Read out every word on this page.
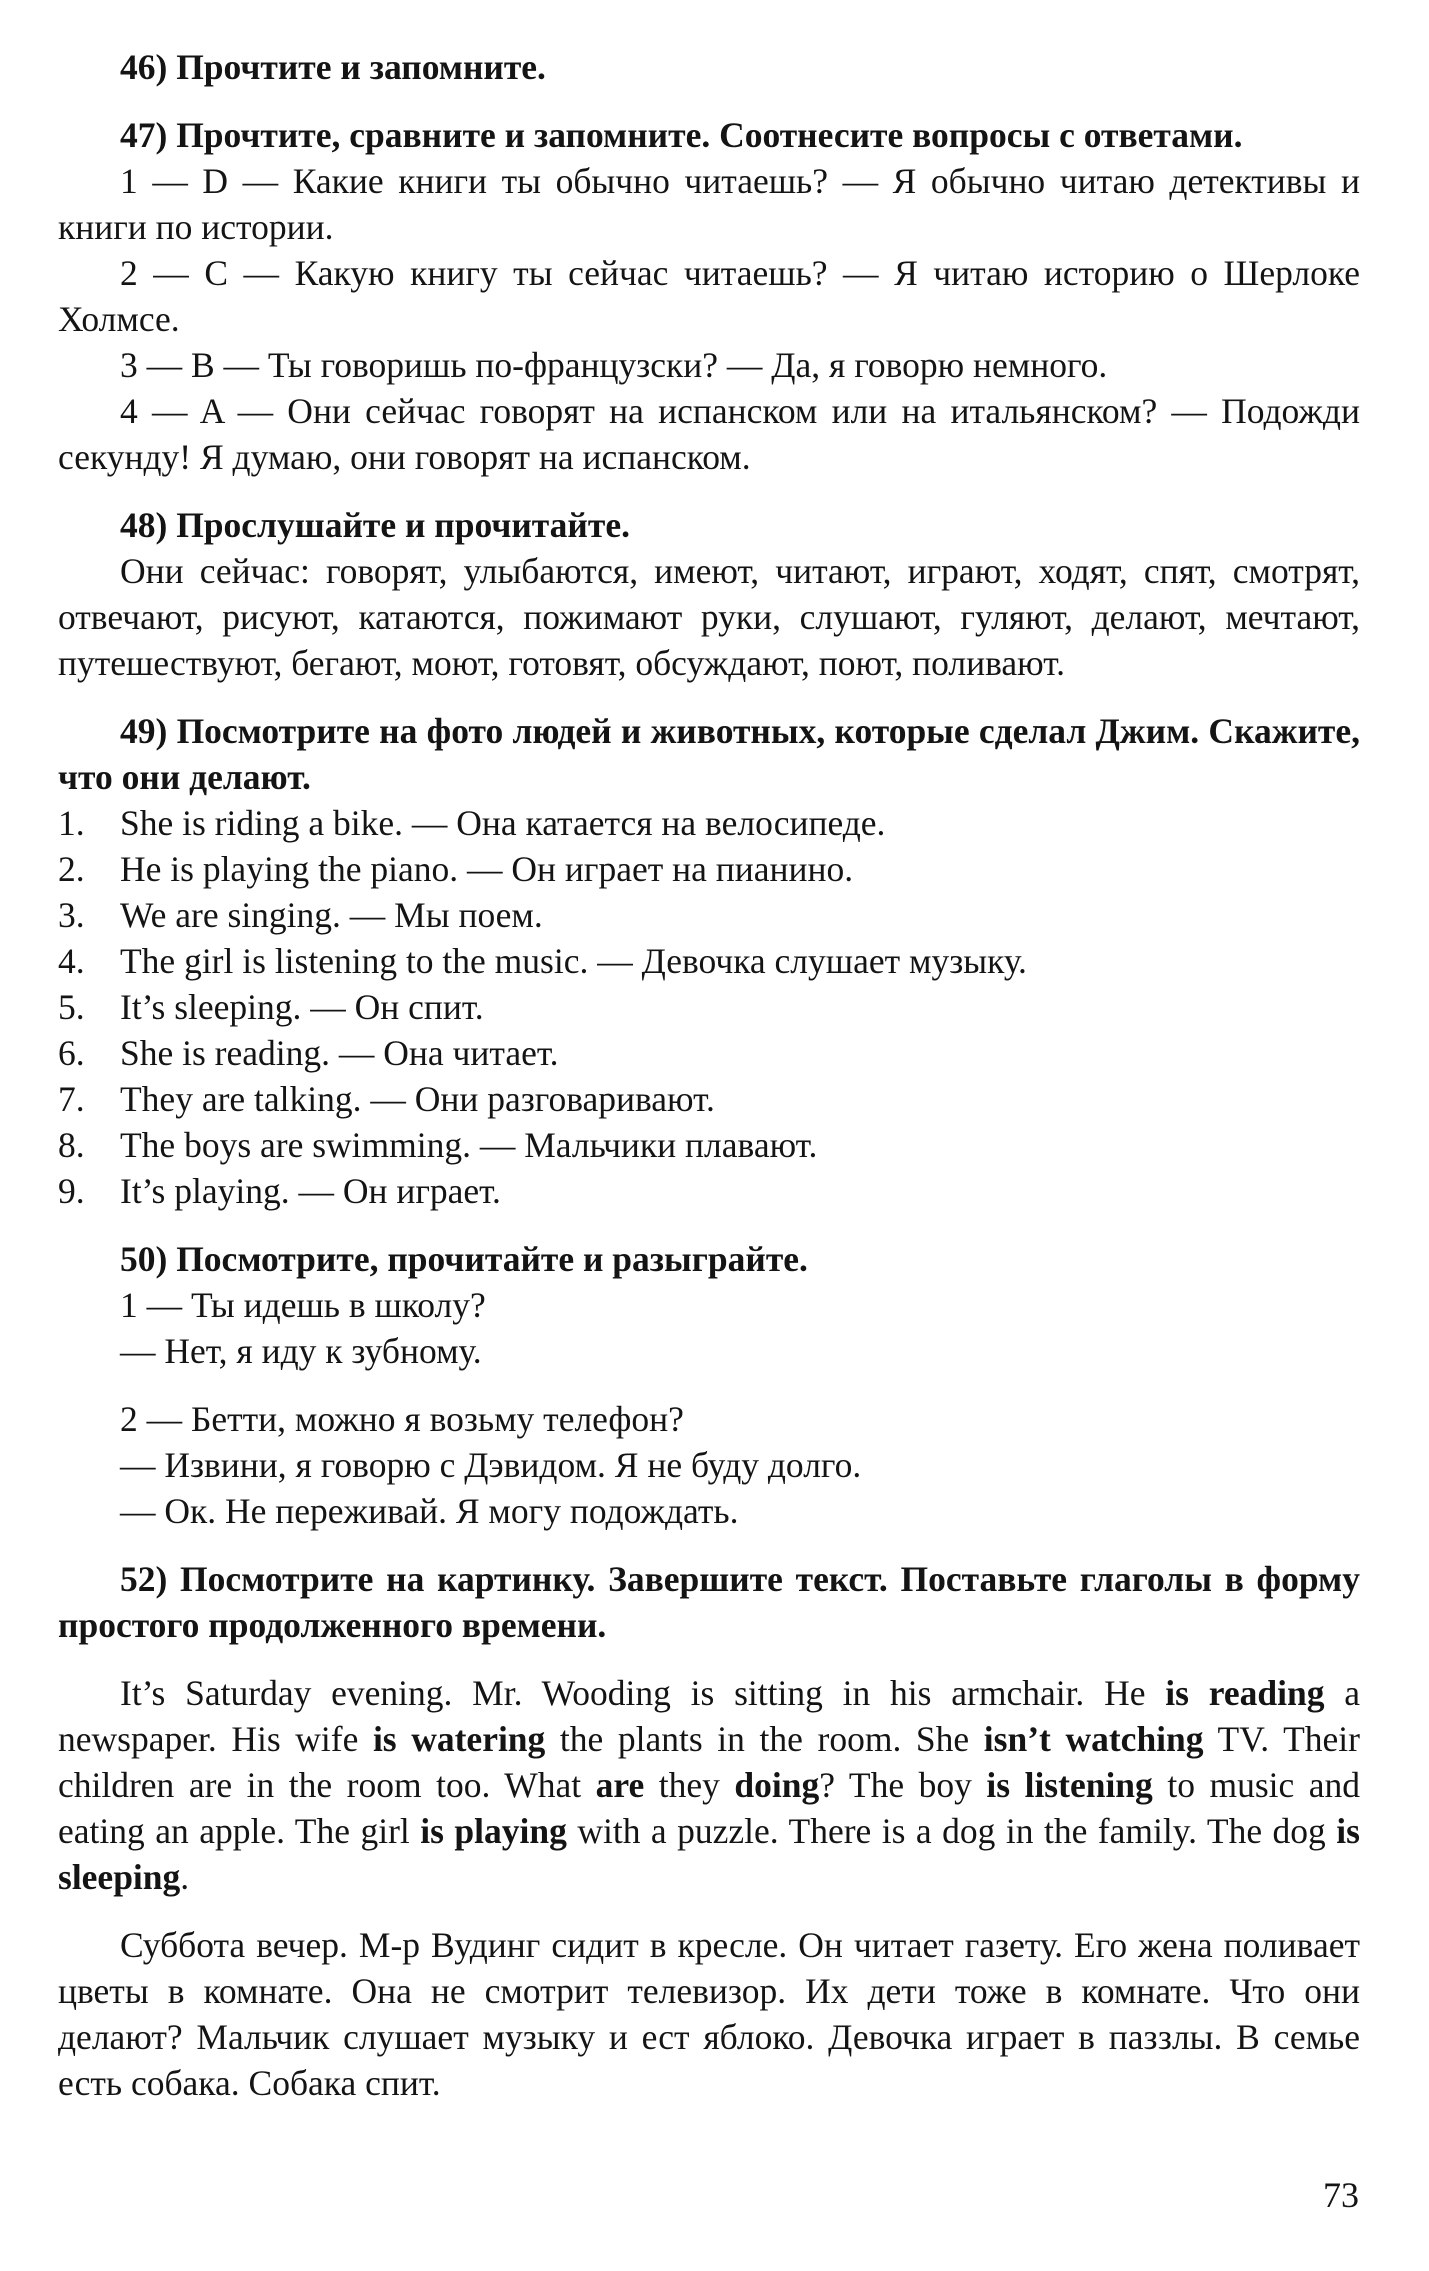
46) Прочтите и запомните.

47) Прочтите, сравните и запомните. Соотнесите вопросы с ответами.

1 — D — Какие книги ты обычно читаешь? — Я обычно читаю детективы и книги по истории.

2 — C — Какую книгу ты сейчас читаешь? — Я читаю историю о Шерлоке Холмсе.

3 — B — Ты говоришь по-французски? — Да, я говорю немного.

4 — A — Они сейчас говорят на испанском или на итальянском? — Подожди секунду! Я думаю, они говорят на испанском.

48) Прослушайте и прочитайте.

Они сейчас: говорят, улыбаются, имеют, читают, играют, ходят, спят, смотрят, отвечают, рисуют, катаются, пожимают руки, слушают, гуляют, делают, мечтают, путешествуют, бегают, моют, готовят, обсуждают, поют, поливают.

49) Посмотрите на фото людей и животных, которые сделал Джим. Скажите, что они делают.

1. She is riding a bike. — Она катается на велосипеде.
2. He is playing the piano. — Он играет на пианино.
3. We are singing. — Мы поем.
4. The girl is listening to the music. — Девочка слушает музыку.
5. It’s sleeping. — Он спит.
6. She is reading. — Она читает.
7. They are talking. — Они разговаривают.
8. The boys are swimming. — Мальчики плавают.
9. It’s playing. — Он играет.

50) Посмотрите, прочитайте и разыграйте.

1 — Ты идешь в школу?

— Нет, я иду к зубному.

2 — Бетти, можно я возьму телефон?

— Извини, я говорю с Дэвидом. Я не буду долго.

— Ок. Не переживай. Я могу подождать.

52) Посмотрите на картинку. Завершите текст. Поставьте глаголы в форму простого продолженного времени.

It’s Saturday evening. Mr. Wooding is sitting in his armchair. He is reading a newspaper. His wife is watering the plants in the room. She isn’t watching TV. Their children are in the room too. What are they doing? The boy is listening to music and eating an apple. The girl is playing with a puzzle. There is a dog in the family. The dog is sleeping.

Суббота вечер. М-р Вудинг сидит в кресле. Он читает газету. Его жена поливает цветы в комнате. Она не смотрит телевизор. Их дети тоже в комнате. Что они делают? Мальчик слушает музыку и ест яблоко. Девочка играет в паззлы. В семье есть собака. Собака спит.

73
